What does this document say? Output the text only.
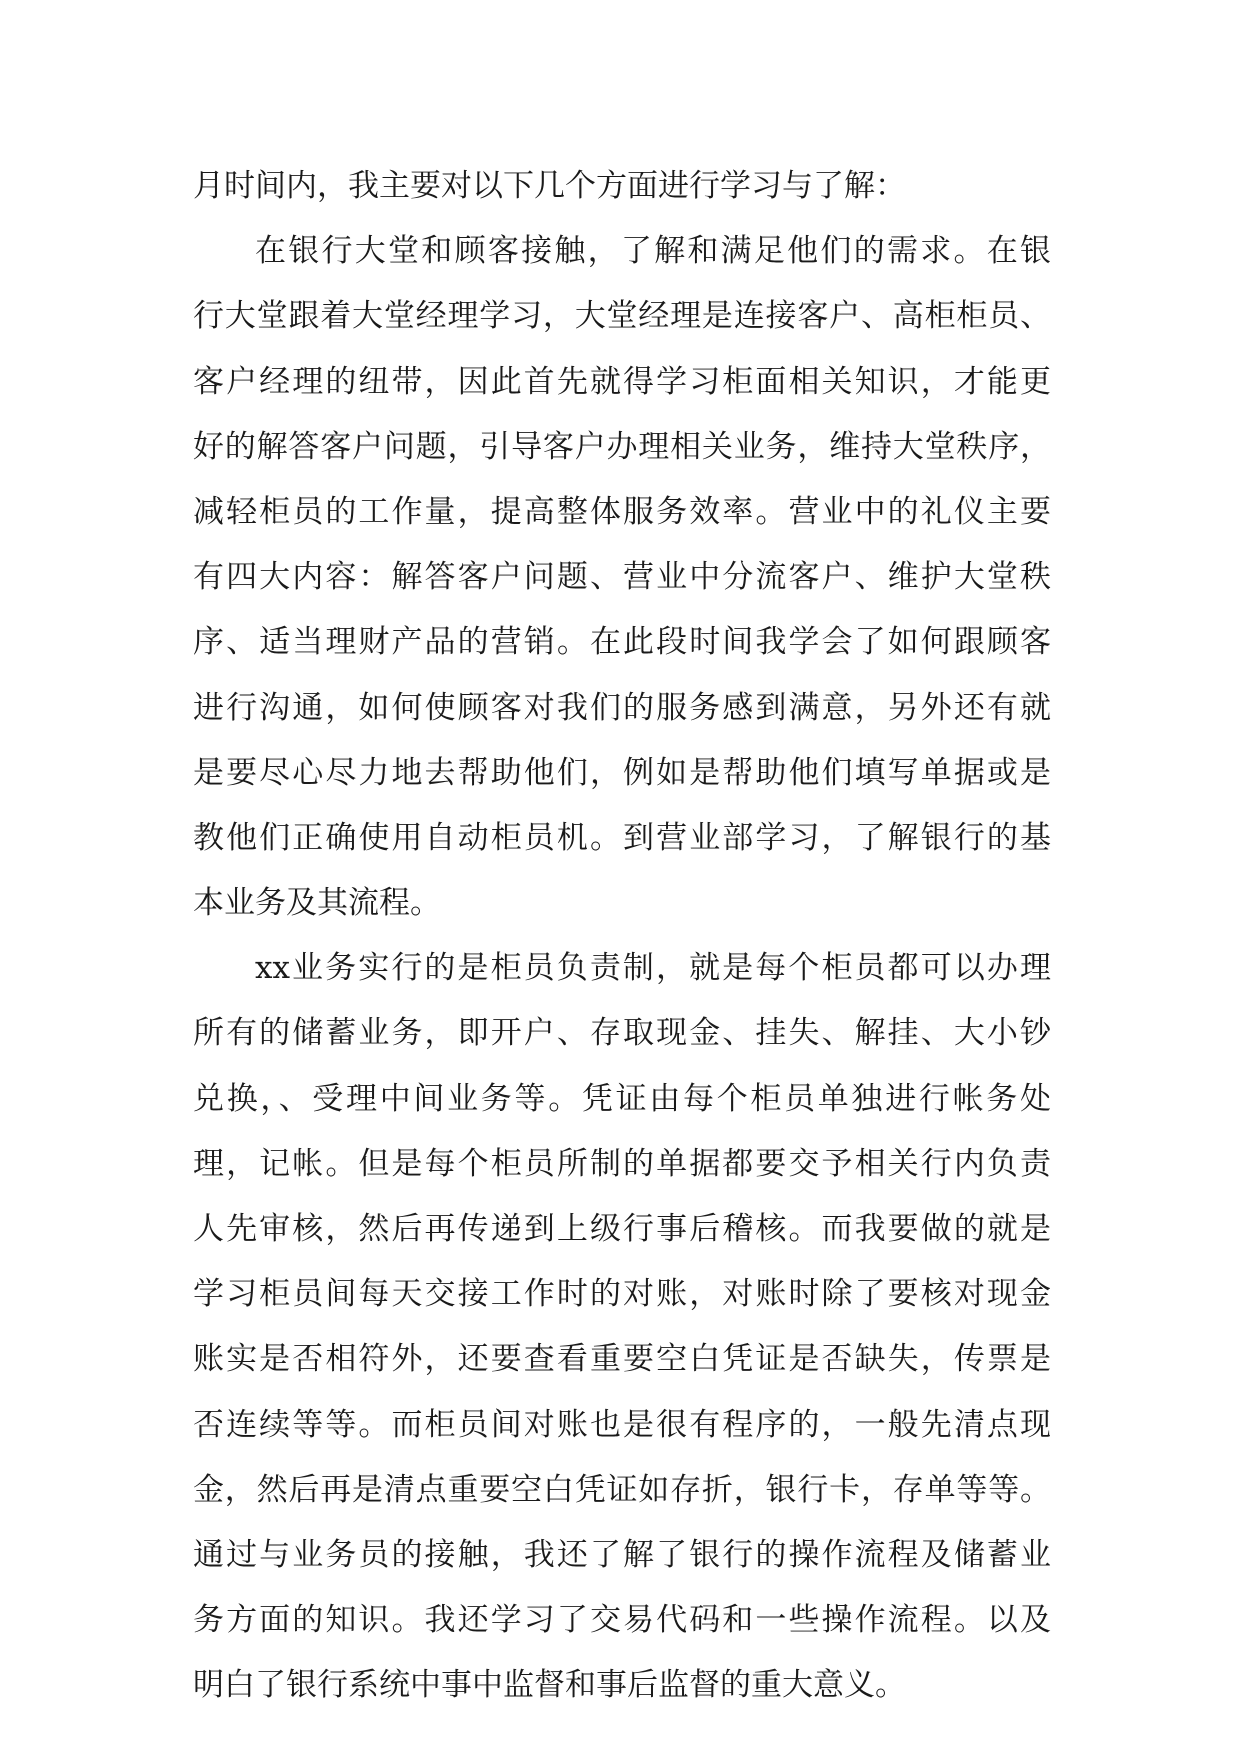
月时间内，我主要对以下几个方面进行学习与了解：
在银行大堂和顾客接触，了解和满足他们的需求。在银
行大堂跟着大堂经理学习，大堂经理是连接客户、高柜柜员、
客户经理的纽带，因此首先就得学习柜面相关知识，才能更
好的解答客户问题，引导客户办理相关业务，维持大堂秩序，
减轻柜员的工作量，提高整体服务效率。营业中的礼仪主要
有四大内容：解答客户问题、营业中分流客户、维护大堂秩
序、适当理财产品的营销。在此段时间我学会了如何跟顾客
进行沟通，如何使顾客对我们的服务感到满意，另外还有就
是要尽心尽力地去帮助他们，例如是帮助他们填写单据或是
教他们正确使用自动柜员机。到营业部学习，了解银行的基
本业务及其流程。
xx业务实行的是柜员负责制，就是每个柜员都可以办理
所有的储蓄业务，即开户、存取现金、挂失、解挂、大小钞
兑换，、受理中间业务等。凭证由每个柜员单独进行帐务处
理，记帐。但是每个柜员所制的单据都要交予相关行内负责
人先审核，然后再传递到上级行事后稽核。而我要做的就是
学习柜员间每天交接工作时的对账，对账时除了要核对现金
账实是否相符外，还要查看重要空白凭证是否缺失，传票是
否连续等等。而柜员间对账也是很有程序的，一般先清点现
金，然后再是清点重要空白凭证如存折，银行卡，存单等等。
通过与业务员的接触，我还了解了银行的操作流程及储蓄业
务方面的知识。我还学习了交易代码和一些操作流程。以及
明白了银行系统中事中监督和事后监督的重大意义。
